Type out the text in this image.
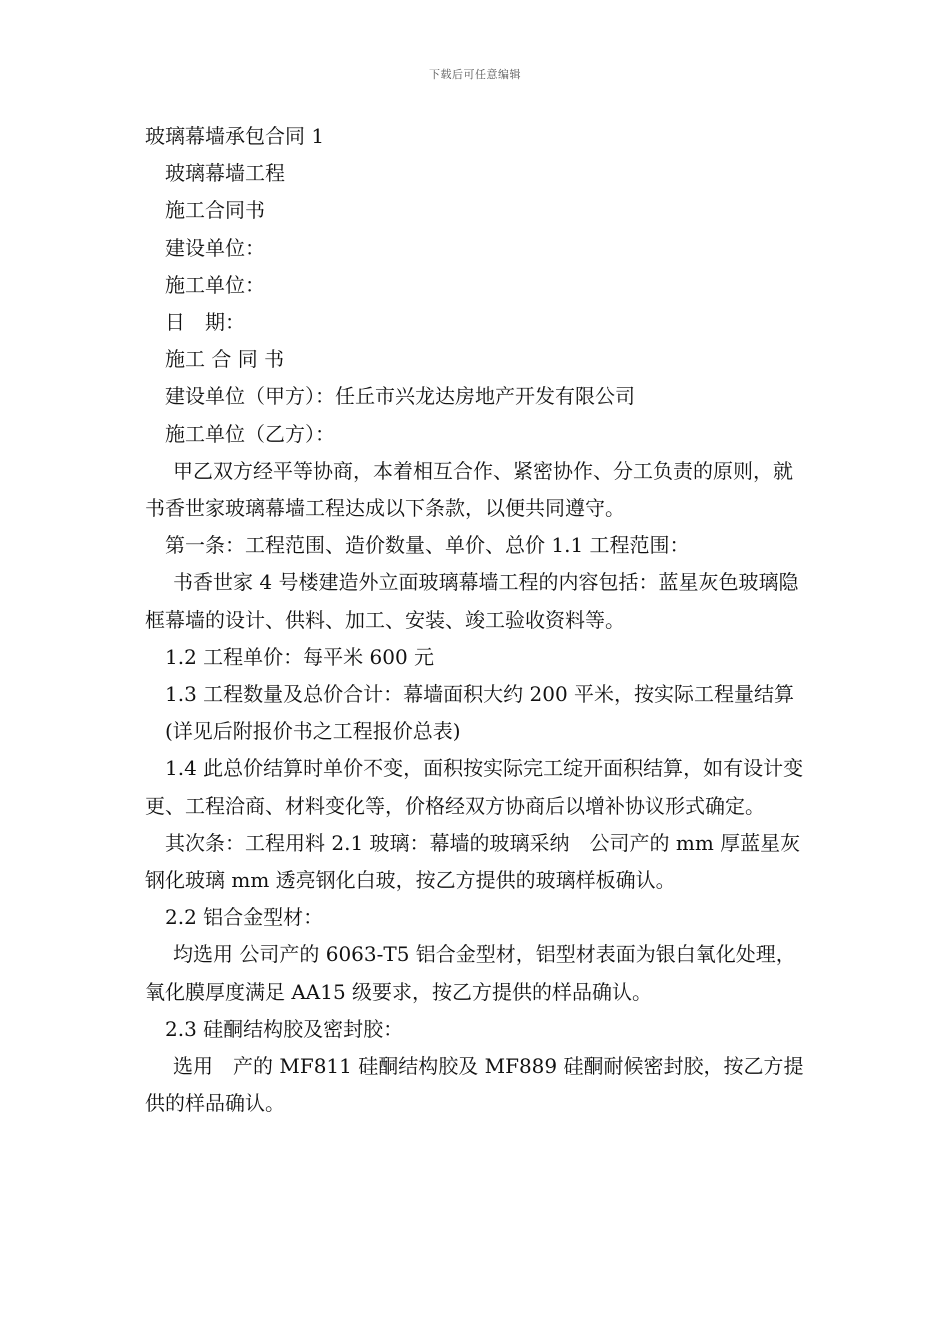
下载后可任意编辑

玻璃幕墙承包合同 1

玻璃幕墙工程

施工合同书

建设单位：

施工单位：

日　期：

施工 合 同 书

建设单位（甲方）：任丘市兴龙达房地产开发有限公司

施工单位（乙方）：

甲乙双方经平等协商，本着相互合作、紧密协作、分工负责的原则，就书香世家玻璃幕墙工程达成以下条款，以便共同遵守。

第一条：工程范围、造价数量、单价、总价 1.1 工程范围：

书香世家 4 号楼建造外立面玻璃幕墙工程的内容包括：蓝星灰色玻璃隐框幕墙的设计、供料、加工、安装、竣工验收资料等。

1.2 工程单价：每平米 600 元

1.3 工程数量及总价合计：幕墙面积大约 200 平米，按实际工程量结算

(详见后附报价书之工程报价总表)

1.4 此总价结算时单价不变，面积按实际完工绽开面积结算，如有设计变更、工程洽商、材料变化等，价格经双方协商后以增补协议形式确定。

其次条：工程用料 2.1 玻璃：幕墙的玻璃采纳　公司产的 mm 厚蓝星灰 钢化玻璃 mm 透亮钢化白玻，按乙方提供的玻璃样板确认。

2.2 铝合金型材：

均选用 公司产的 6063-T5 铝合金型材，铝型材表面为银白氧化处理，氧化膜厚度满足 AA15 级要求，按乙方提供的样品确认。

2.3 硅酮结构胶及密封胶：

选用　产的 MF811 硅酮结构胶及 MF889 硅酮耐候密封胶，按乙方提供的样品确认。
